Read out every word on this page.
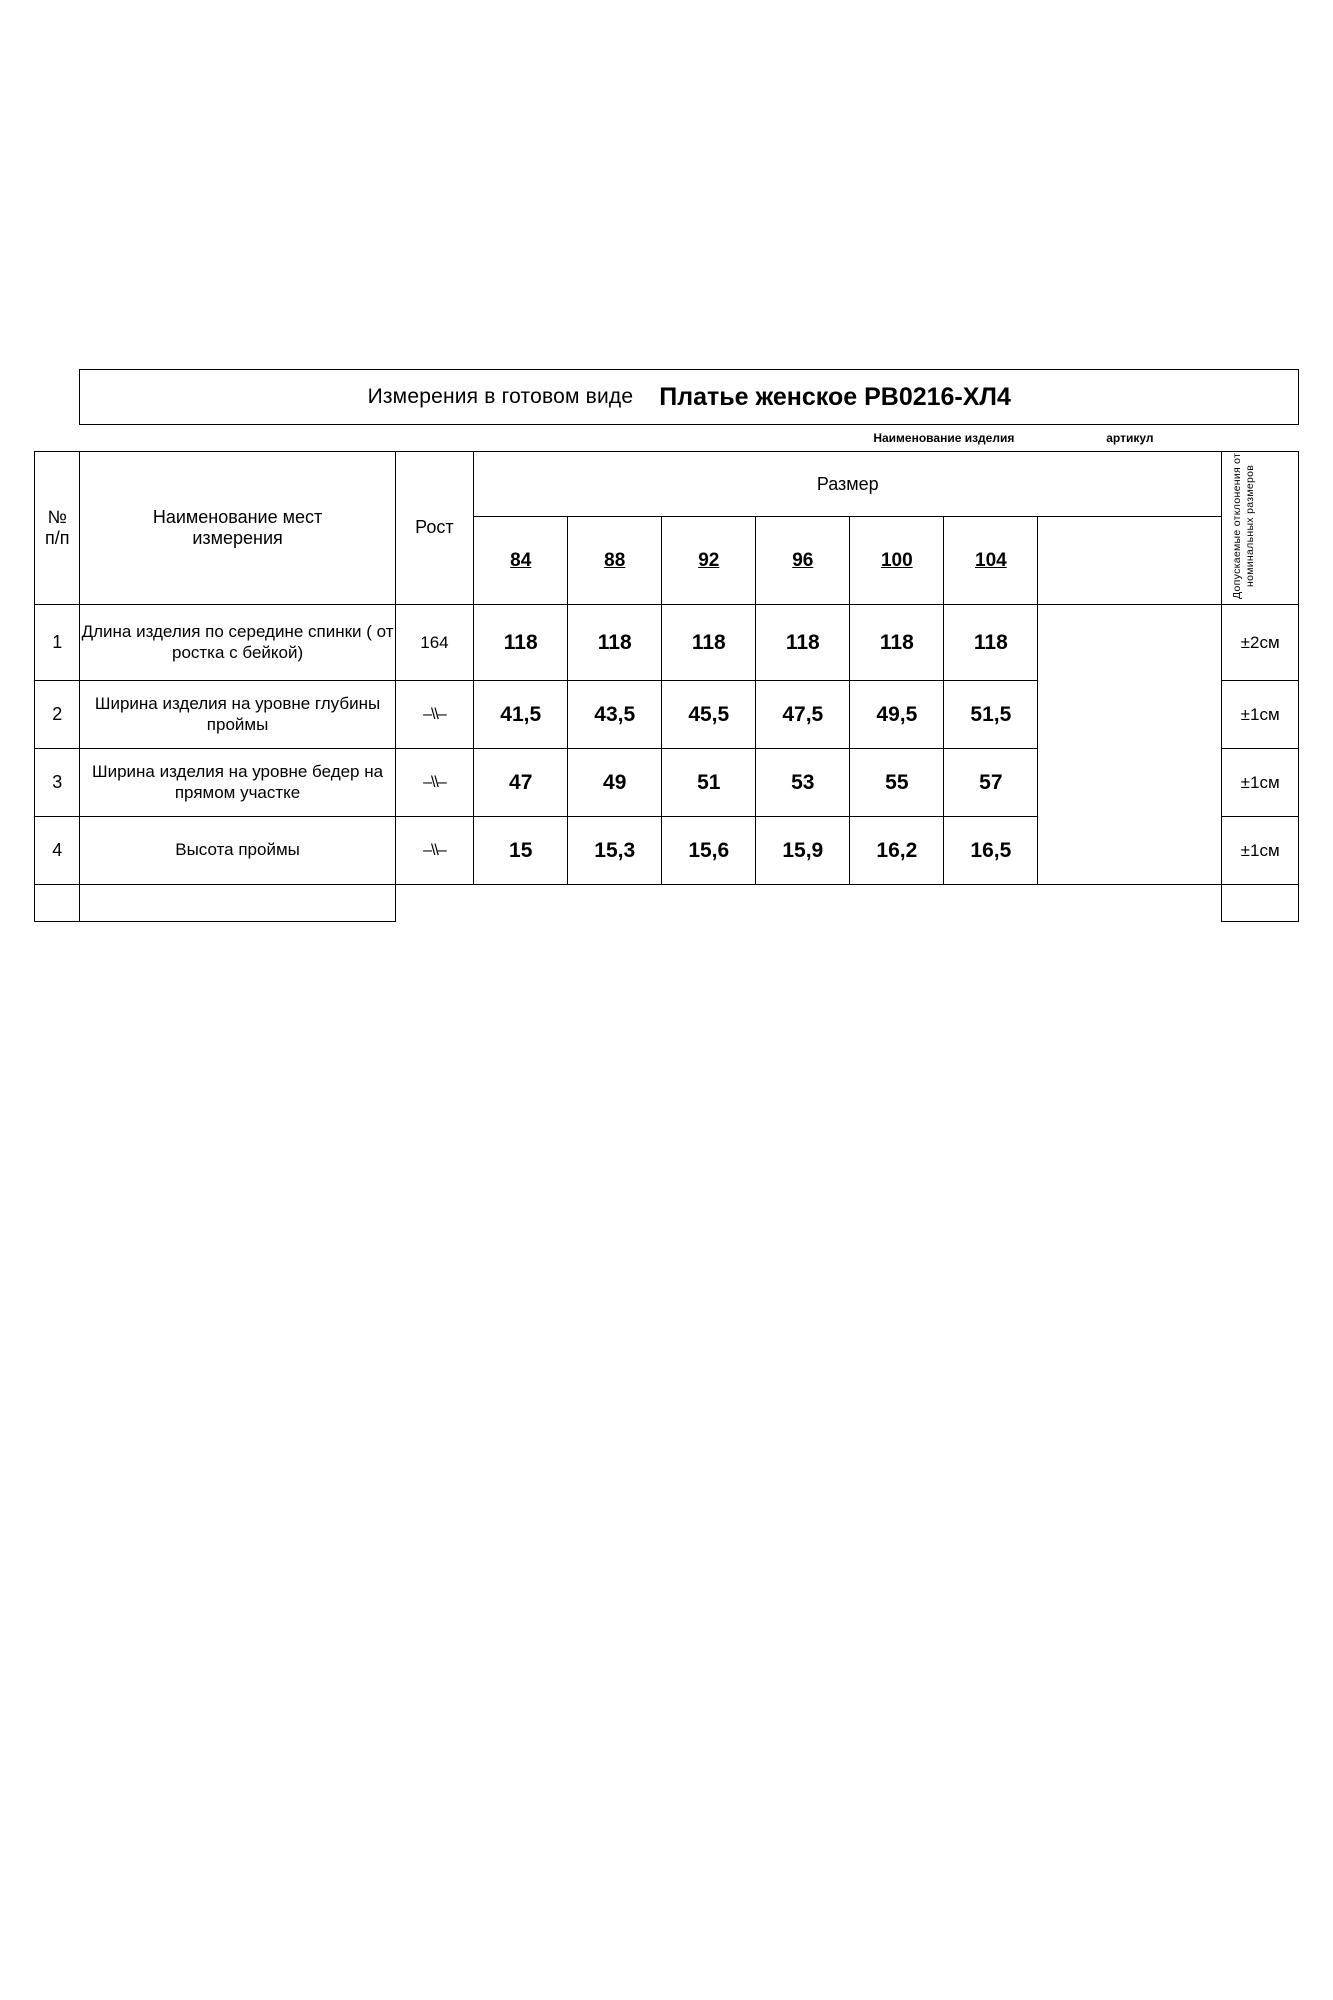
	Измерения в готовом виде Платье женское PB0216-ХЛ4									

							Наименование изделия		артикул	

№
п/п

Наименование мест
измерения
	Рост	Размер	Допускаемые отклонения от номинальных размеров
			84	88	92	96	100	104		
1	Длина изделия по середине спинки ( от ростка с бейкой)	164	118	118	118	118	118	118		±2см
2	Ширина изделия на уровне глубины проймы	–\\–	41,5	43,5	45,5	47,5	49,5	51,5		±1см
3	Ширина изделия на уровне бедер на прямом участке	–\\–	47	49	51	53	55	57		±1см
4	Высота проймы	–\\–	15	15,3	15,6	15,9	16,2	16,5		±1см
